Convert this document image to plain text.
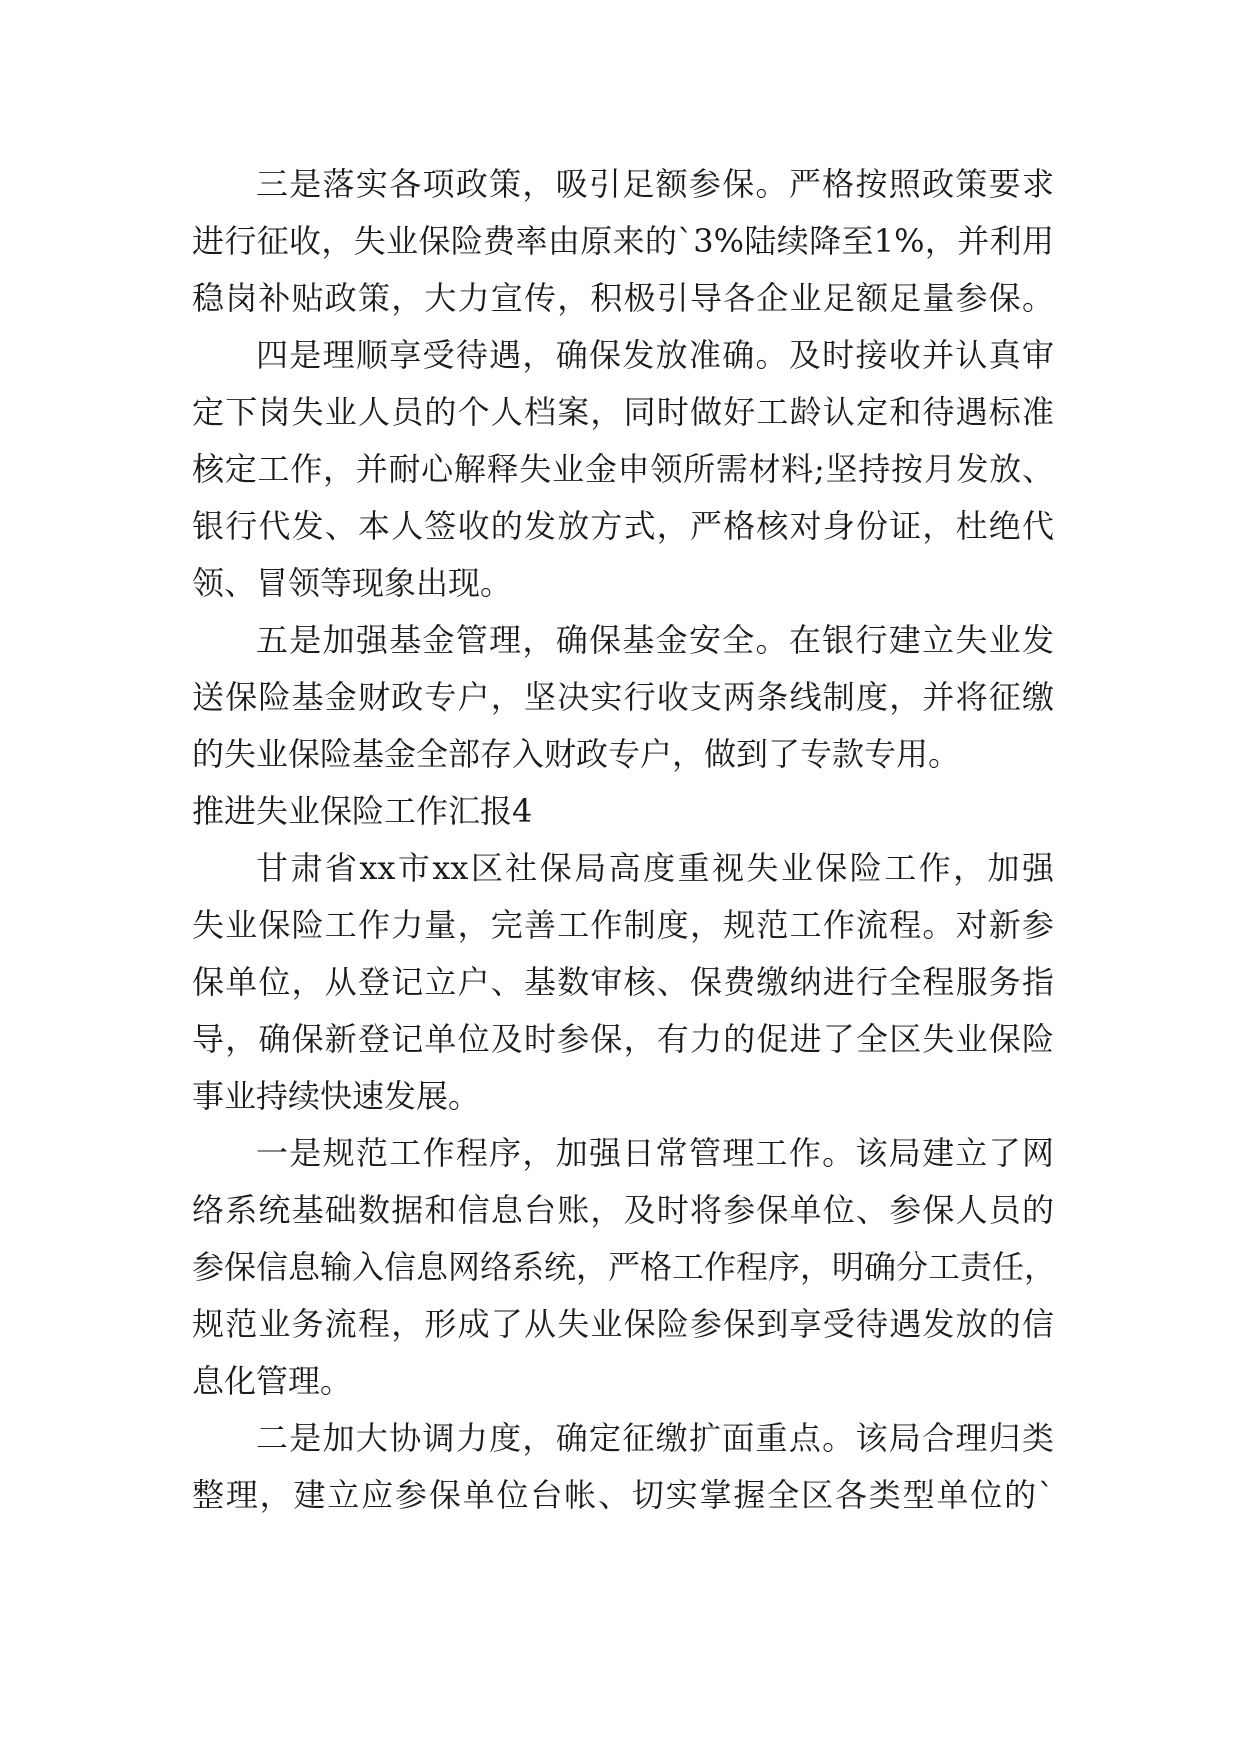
三是落实各项政策，吸引足额参保。严格按照政策要求
进行征收，失业保险费率由原来的`3%陆续降至1%，并利用
稳岗补贴政策，大力宣传，积极引导各企业足额足量参保。
四是理顺享受待遇，确保发放准确。及时接收并认真审
定下岗失业人员的个人档案，同时做好工龄认定和待遇标准
核定工作，并耐心解释失业金申领所需材料;坚持按月发放、
银行代发、本人签收的发放方式，严格核对身份证，杜绝代
领、冒领等现象出现。
五是加强基金管理，确保基金安全。在银行建立失业发
送保险基金财政专户，坚决实行收支两条线制度，并将征缴
的失业保险基金全部存入财政专户，做到了专款专用。
推进失业保险工作汇报4
甘肃省xx市xx区社保局高度重视失业保险工作，加强
失业保险工作力量，完善工作制度，规范工作流程。对新参
保单位，从登记立户、基数审核、保费缴纳进行全程服务指
导，确保新登记单位及时参保，有力的促进了全区失业保险
事业持续快速发展。
一是规范工作程序，加强日常管理工作。该局建立了网
络系统基础数据和信息台账，及时将参保单位、参保人员的
参保信息输入信息网络系统，严格工作程序，明确分工责任，
规范业务流程，形成了从失业保险参保到享受待遇发放的信
息化管理。
二是加大协调力度，确定征缴扩面重点。该局合理归类
整理，建立应参保单位台帐、切实掌握全区各类型单位的`
